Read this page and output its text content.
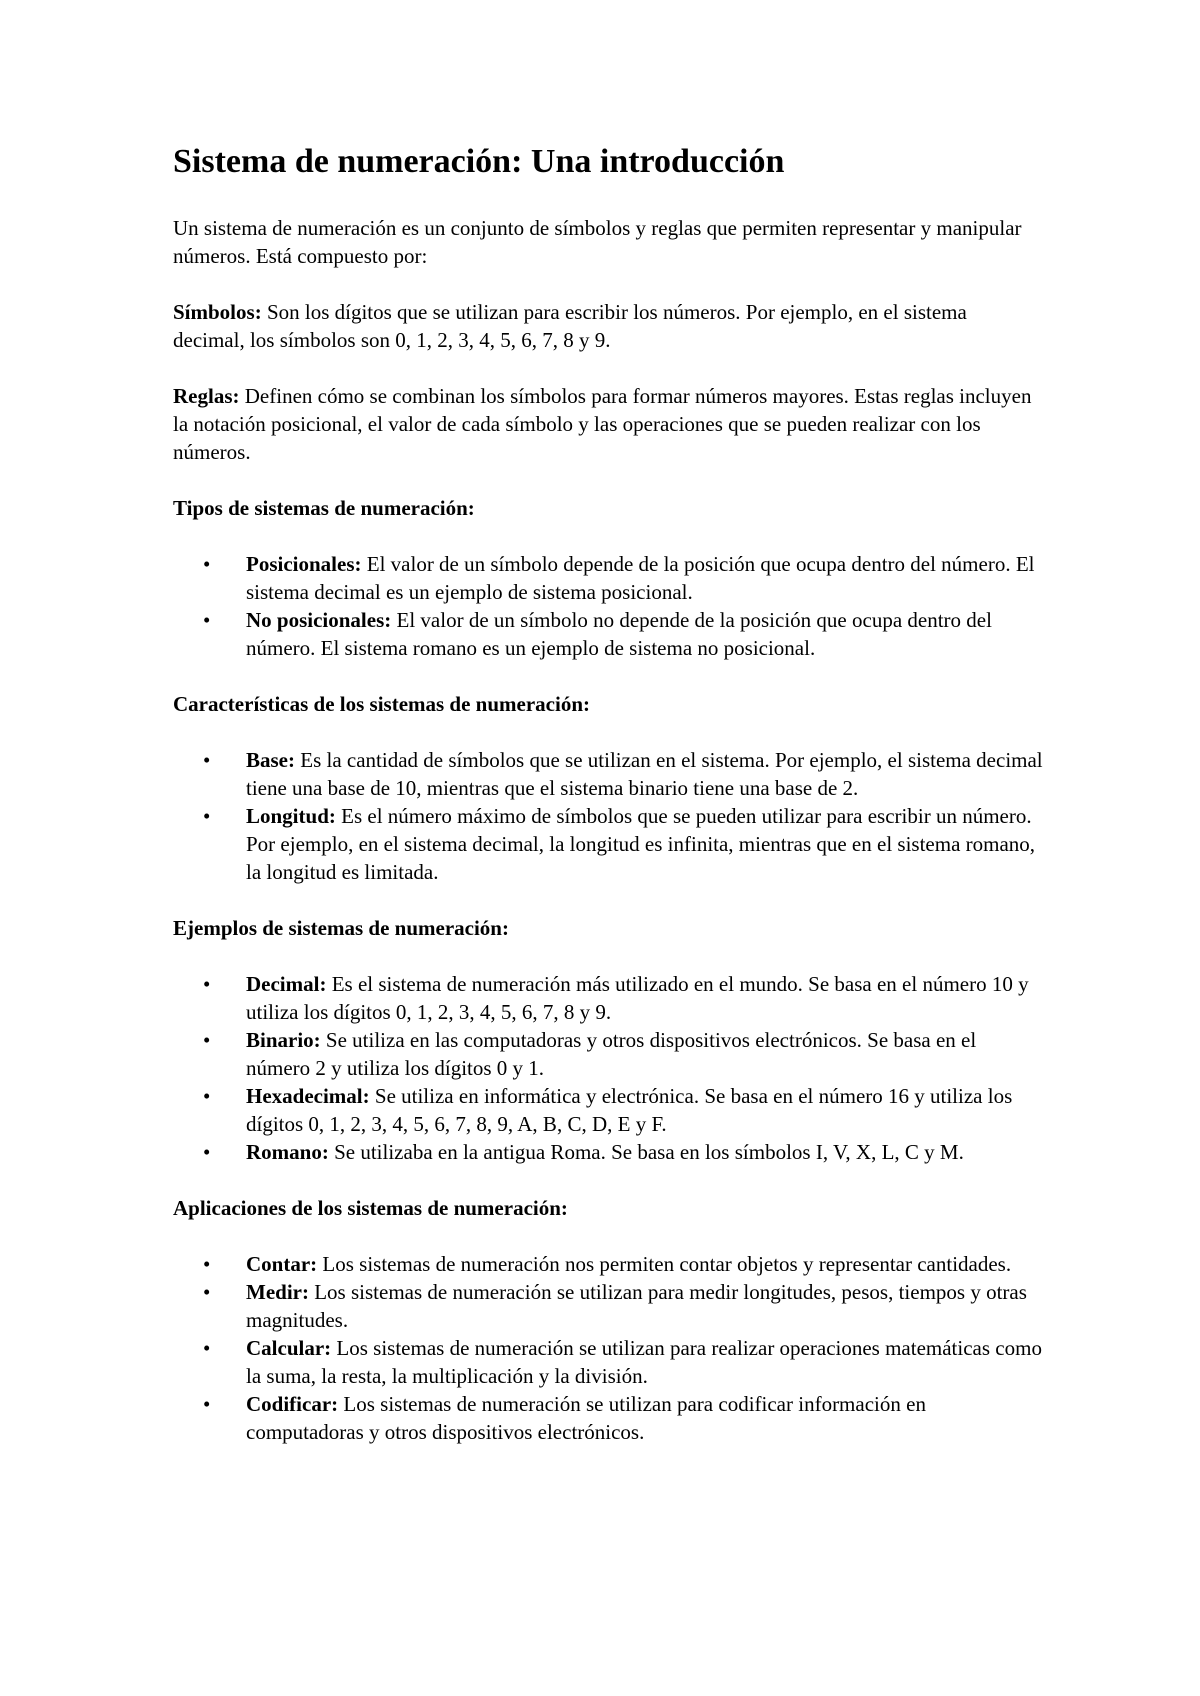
Sistema de numeración: Una introducción

Un sistema de numeración es un conjunto de símbolos y reglas que permiten representar y manipular números. Está compuesto por:

Símbolos: Son los dígitos que se utilizan para escribir los números. Por ejemplo, en el sistema decimal, los símbolos son 0, 1, 2, 3, 4, 5, 6, 7, 8 y 9.

Reglas: Definen cómo se combinan los símbolos para formar números mayores. Estas reglas incluyen la notación posicional, el valor de cada símbolo y las operaciones que se pueden realizar con los números.

Tipos de sistemas de numeración:
• Posicionales: El valor de un símbolo depende de la posición que ocupa dentro del número. El sistema decimal es un ejemplo de sistema posicional.
• No posicionales: El valor de un símbolo no depende de la posición que ocupa dentro del número. El sistema romano es un ejemplo de sistema no posicional.
Características de los sistemas de numeración:
• Base: Es la cantidad de símbolos que se utilizan en el sistema. Por ejemplo, el sistema decimal tiene una base de 10, mientras que el sistema binario tiene una base de 2.
• Longitud: Es el número máximo de símbolos que se pueden utilizar para escribir un número. Por ejemplo, en el sistema decimal, la longitud es infinita, mientras que en el sistema romano, la longitud es limitada.
Ejemplos de sistemas de numeración:
• Decimal: Es el sistema de numeración más utilizado en el mundo. Se basa en el número 10 y utiliza los dígitos 0, 1, 2, 3, 4, 5, 6, 7, 8 y 9.
• Binario: Se utiliza en las computadoras y otros dispositivos electrónicos. Se basa en el número 2 y utiliza los dígitos 0 y 1.
• Hexadecimal: Se utiliza en informática y electrónica. Se basa en el número 16 y utiliza los dígitos 0, 1, 2, 3, 4, 5, 6, 7, 8, 9, A, B, C, D, E y F.
• Romano: Se utilizaba en la antigua Roma. Se basa en los símbolos I, V, X, L, C y M.
Aplicaciones de los sistemas de numeración:
• Contar: Los sistemas de numeración nos permiten contar objetos y representar cantidades.
• Medir: Los sistemas de numeración se utilizan para medir longitudes, pesos, tiempos y otras magnitudes.
• Calcular: Los sistemas de numeración se utilizan para realizar operaciones matemáticas como la suma, la resta, la multiplicación y la división.
• Codificar: Los sistemas de numeración se utilizan para codificar información en computadoras y otros dispositivos electrónicos.
